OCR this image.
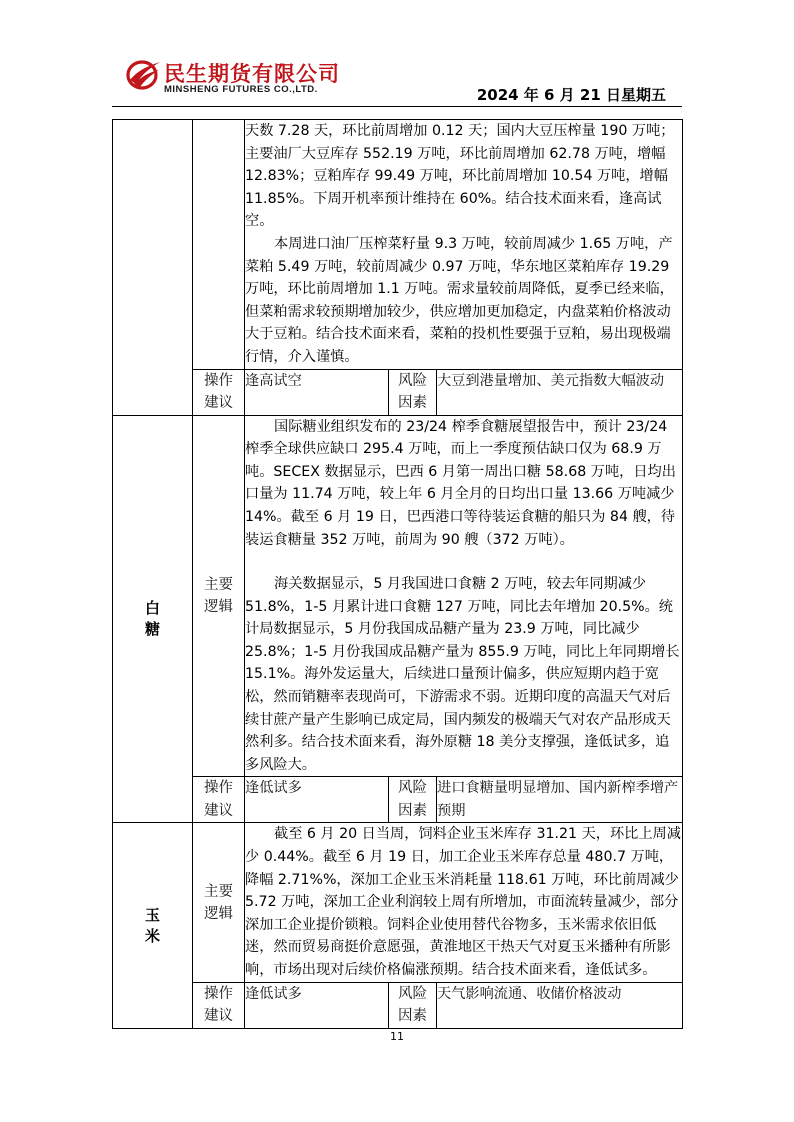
民生期货有限公司
MINSHENG FUTURES CO.,LTD.	2024 年 6 月 21 日星期五

		天数 7.28 天，环比前周增加 0.12 天；国内大豆压榨量 190 万吨；主要油厂大豆库存 552.19 万吨，环比前周增加 62.78 万吨，增幅 12.83%；豆粕库存 99.49 万吨，环比前周增加 10.54 万吨，增幅 11.85%。下周开机率预计维持在 60%。结合技术面来看，逢高试空。

本周进口油厂压榨菜籽量 9.3 万吨，较前周减少 1.65 万吨，产菜粕 5.49 万吨，较前周减少 0.97 万吨，华东地区菜粕库存 19.29 万吨，环比前周增加 1.1 万吨。需求量较前周降低，夏季已经来临，但菜粕需求较预期增加较少，供应增加更加稳定，内盘菜粕价格波动大于豆粕。结合技术面来看，菜粕的投机性要强于豆粕，易出现极端行情，介入谨慎。		

	操作建议	逢高试空	风险因素	大豆到港量增加、美元指数大幅波动

白糖	主要逻辑	国际糖业组织发布的 23/24 榨季食糖展望报告中，预计 23/24 榨季全球供应缺口 295.4 万吨，而上一季度预估缺口仅为 68.9 万吨。SECEX 数据显示，巴西 6 月第一周出口糖 58.68 万吨，日均出口量为 11.74 万吨，较上年 6 月全月的日均出口量 13.66 万吨减少 14%。截至 6 月 19 日，巴西港口等待装运食糖的船只为 84 艘，待装运食糖量 352 万吨，前周为 90 艘（372 万吨）。

海关数据显示，5 月我国进口食糖 2 万吨，较去年同期减少 51.8%，1-5 月累计进口食糖 127 万吨，同比去年增加 20.5%。统计局数据显示，5 月份我国成品糖产量为 23.9 万吨，同比减少 25.8%；1-5 月份我国成品糖产量为 855.9 万吨，同比上年同期增长 15.1%。海外发运量大，后续进口量预计偏多，供应短期内趋于宽松，然而销糖率表现尚可，下游需求不弱。近期印度的高温天气对后续甘蔗产量产生影响已成定局，国内频发的极端天气对农产品形成天然利多。结合技术面来看，海外原糖 18 美分支撑强，逢低试多，追多风险大。		

	操作建议	逢低试多	风险因素	进口食糖量明显增加、国内新榨季增产预期

玉米	主要逻辑	截至 6 月 20 日当周，饲料企业玉米库存 31.21 天，环比上周减少 0.44%。截至 6 月 19 日，加工企业玉米库存总量 480.7 万吨，降幅 2.71%%，深加工企业玉米消耗量 118.61 万吨，环比前周减少 5.72 万吨，深加工企业利润较上周有所增加，市面流转量减少，部分深加工企业提价锁粮。饲料企业使用替代谷物多，玉米需求依旧低迷，然而贸易商挺价意愿强，黄淮地区干热天气对夏玉米播种有所影响，市场出现对后续价格偏涨预期。结合技术面来看，逢低试多。		

	操作建议	逢低试多	风险因素	天气影响流通、收储价格波动
11
